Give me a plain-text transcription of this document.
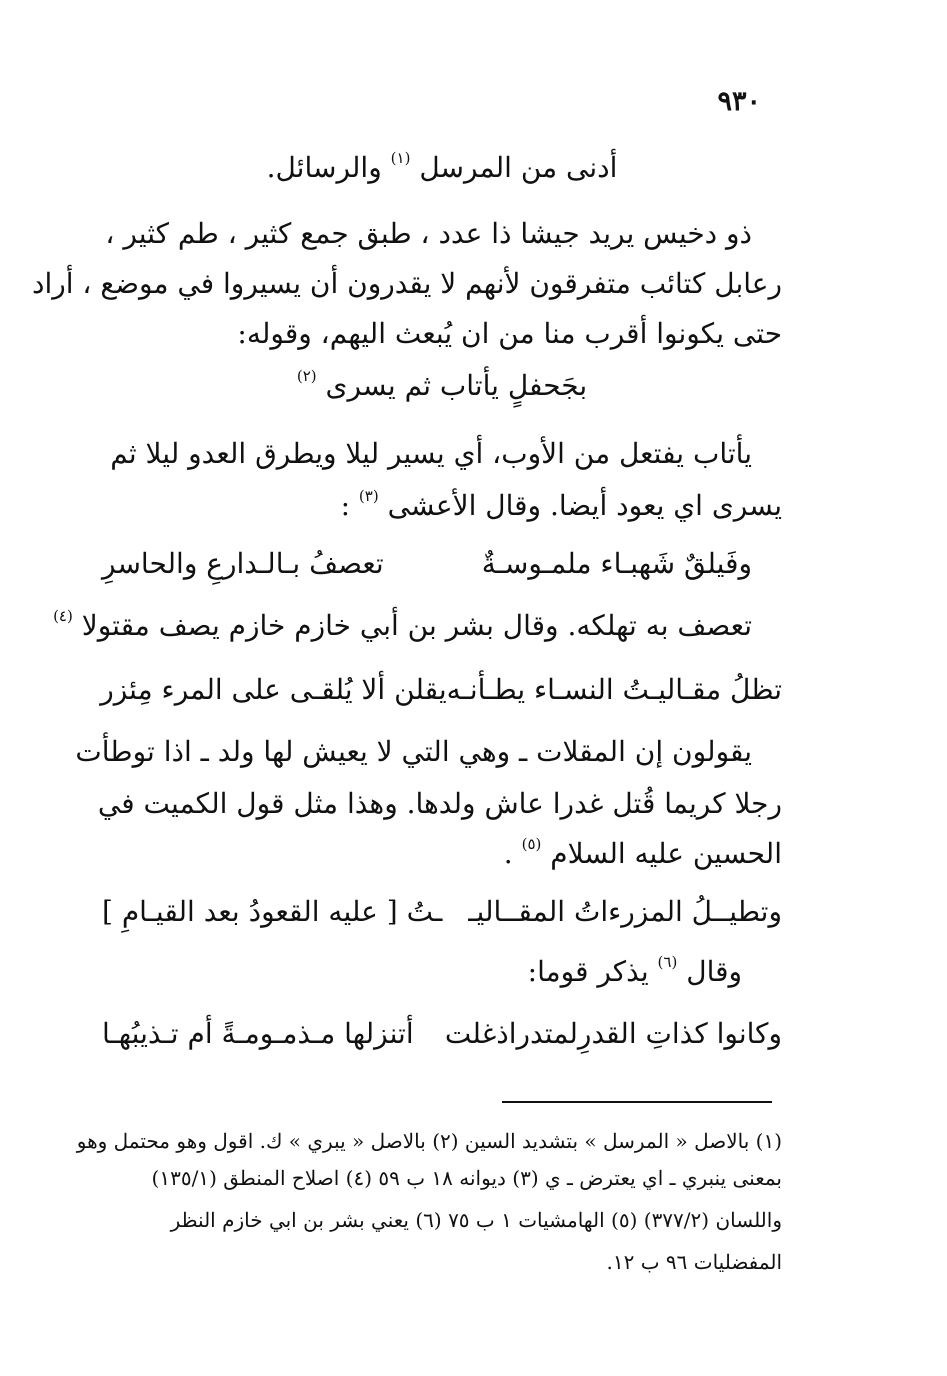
٩٣٠
أدنى من المرسل $^{(١)}$ والرسائل.
ذو دخيس يريد جيشا ذا عدد ، طبق جمع كثير ، طم كثير ،
رعابل كتائب متفرقون لأنهم لا يقدرون أن يسيروا في موضع ، أراد
حتى يكونوا أقرب منا من ان يُبعث اليهم، وقوله:
بجَحفلٍ يأتاب ثم يسرى $^{(٢)}$
يأتاب يفتعل من الأوب، أي يسير ليلا ويطرق العدو ليلا ثم
يسرى اي يعود أيضا. وقال الأعشى $^{(٣)}$ :
وفَيلقٌ شَهبـاء ملمـوسـةٌ
تعصفُ بـالـدارعِ والحاسرِ
تعصف به تهلكه. وقال بشر بن أبي خازم خازم يصف مقتولا $^{(٤)}$
تظلُ مقـاليـتُ النسـاء يطـأنـه
يقلن ألا يُلقـى على المرء مِئزر
يقولون إن المقلات ـ وهي التي لا يعيش لها ولد ـ اذا توطأت
رجلا كريما قُتل غدرا عاش ولدها. وهذا مثل قول الكميت في
الحسين عليه السلام $^{(٥)}$ .
وتطيــلُ المزرءاتُ المقــاليـ
ـتُ [ عليه القعودُ بعد القيـامِ ]
وقال $^{(٦)}$ يذكر قوما:
وكانوا كذاتِ القدرِلمتدراذغلت
أتنزلها مـذمـومـةً أم تـذيبُهـا
(١) بالاصل « المرسل » بتشديد السين (٢) بالاصل « يبري » ك. اقول وهو محتمل وهو
بمعنى ينبري ـ اي يعترض ـ ي (٣) ديوانه ١٨ ب ٥٩ (٤) اصلاح المنطق (١٣٥/١)
واللسان (٣٧٧/٢) (٥) الهامشيات ١ ب ٧٥ (٦) يعني بشر بن ابي خازم النظر
المفضليات ٩٦ ب ١٢.
